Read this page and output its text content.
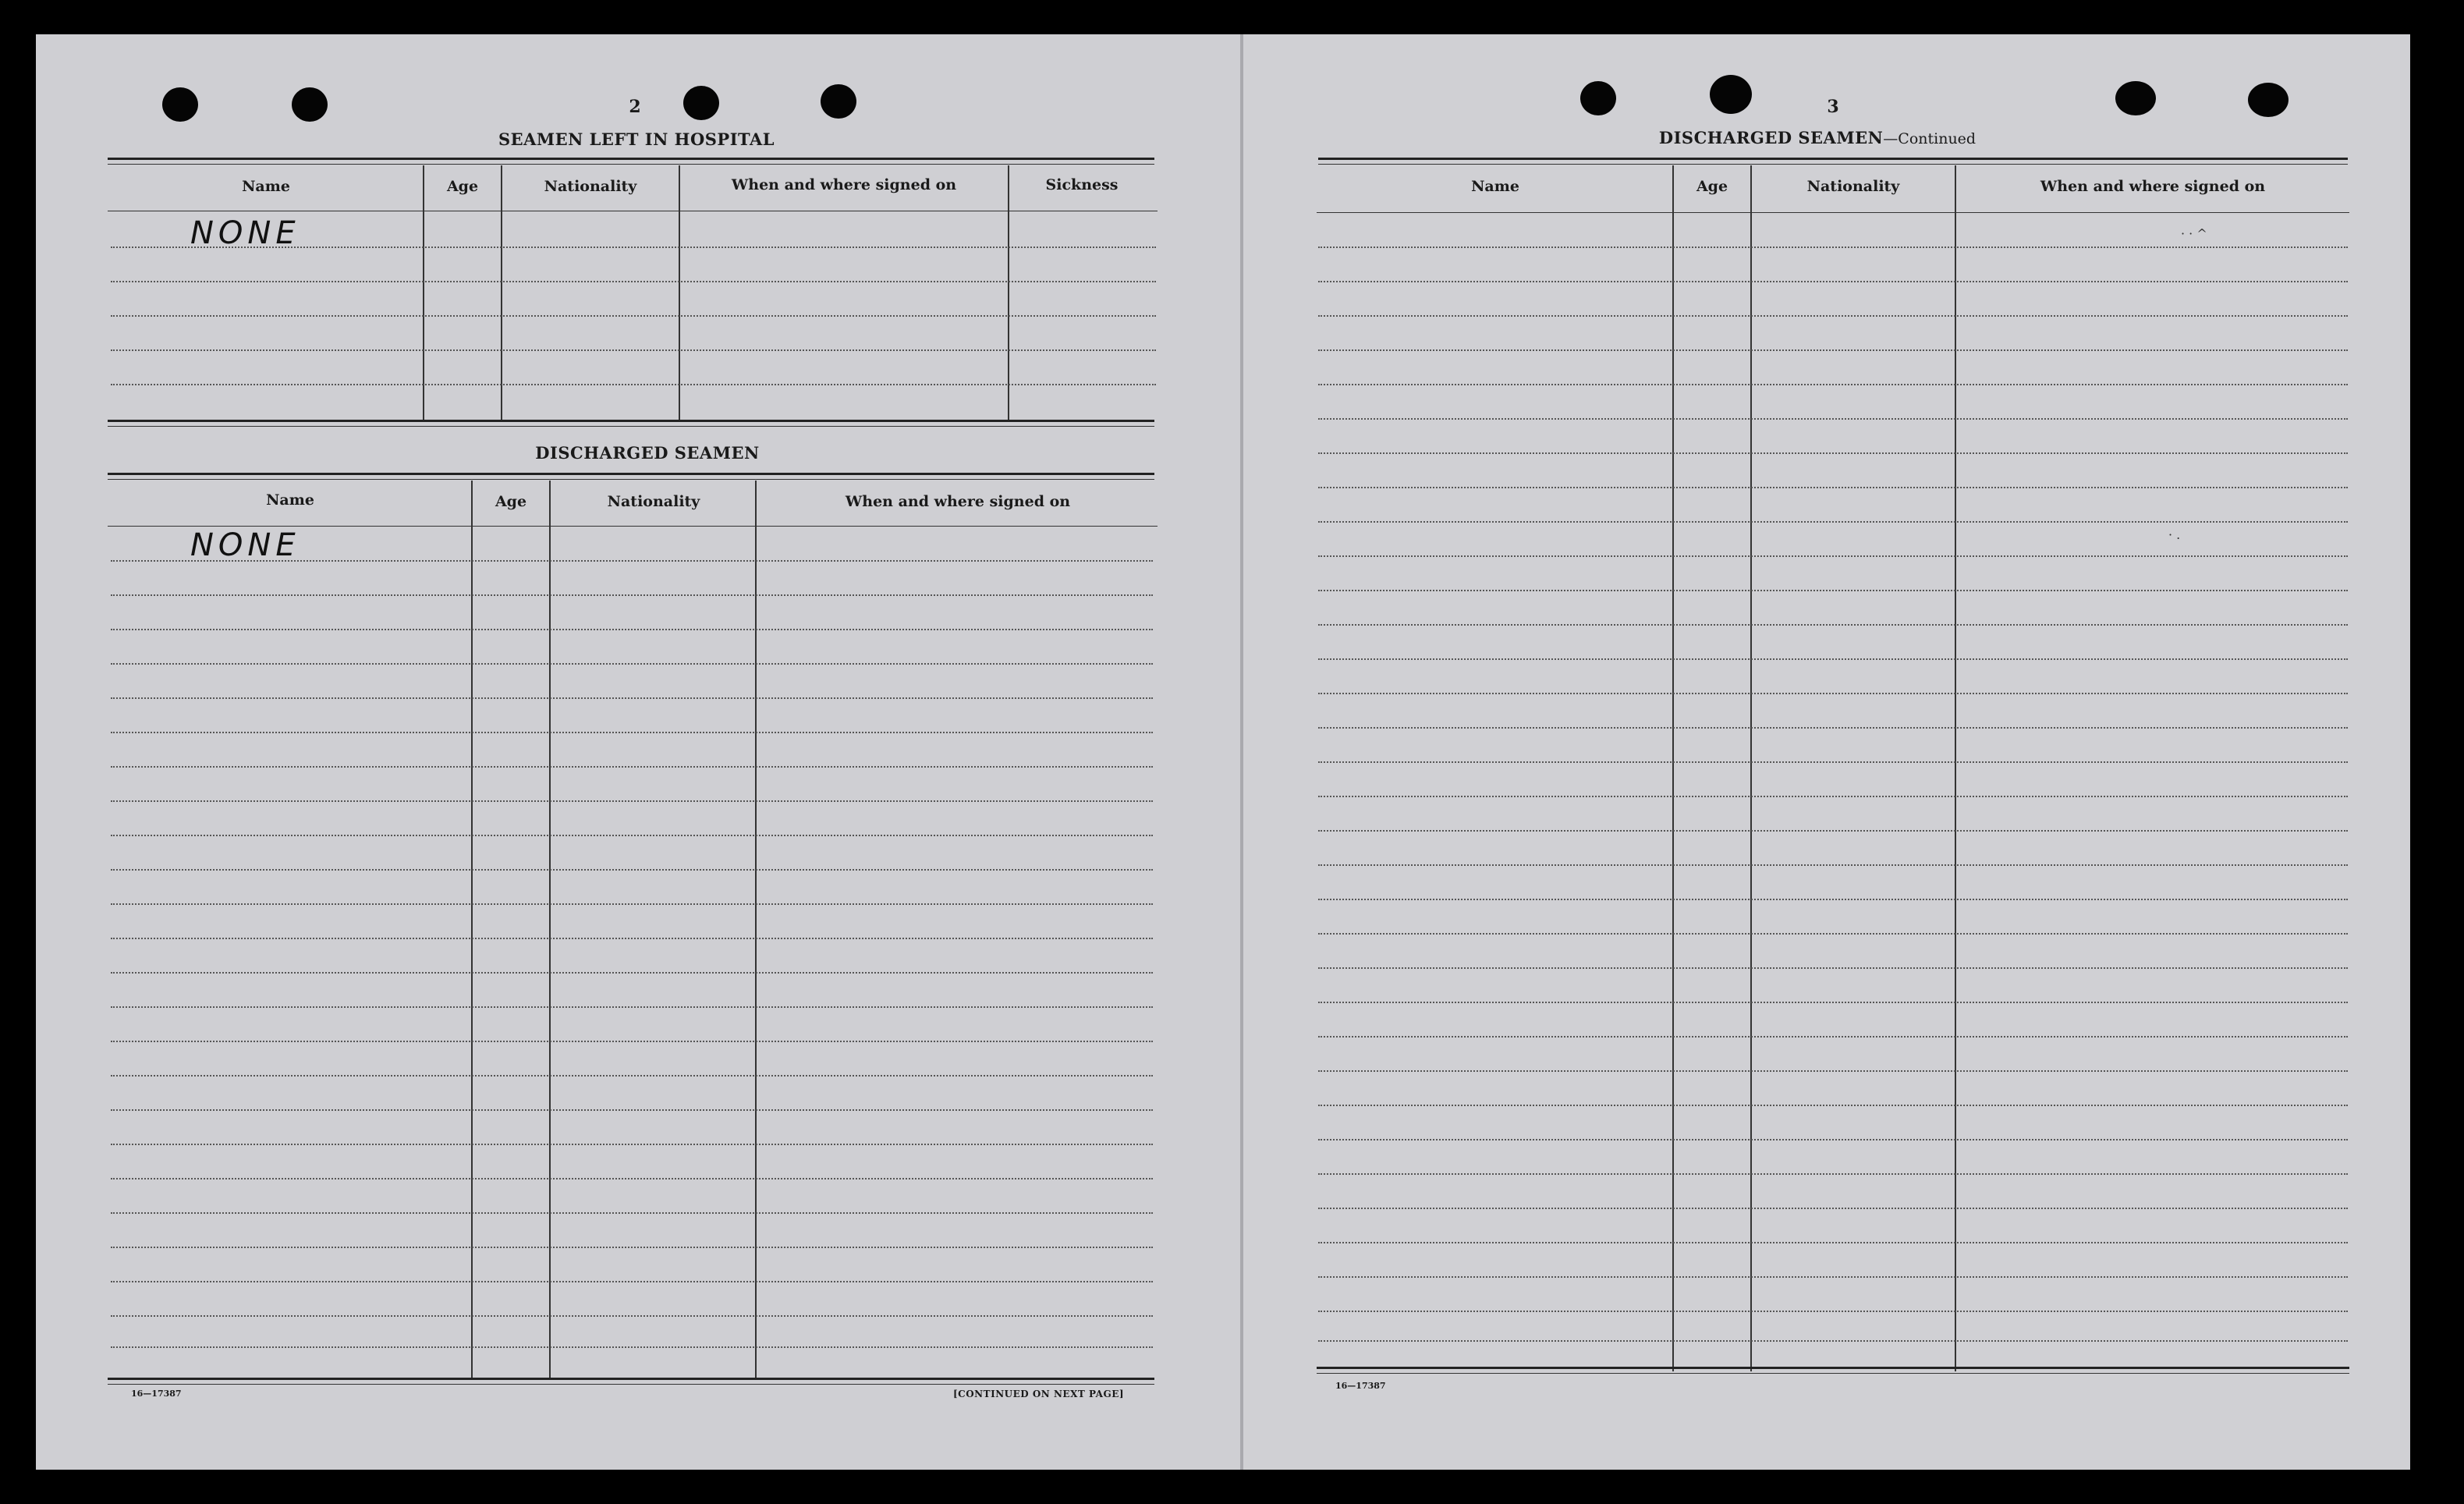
2
SEAMEN LEFT IN HOSPITAL
Name	Age	Nationality	When and where signed on	Sickness
NONE
DISCHARGED SEAMEN
Name	Age	Nationality	When and where signed on
NONE
16—17387	[CONTINUED ON NEXT PAGE]
3
DISCHARGED SEAMEN—Continued
Name	Age	Nationality	When and where signed on
· · ^
· .
16—17387
